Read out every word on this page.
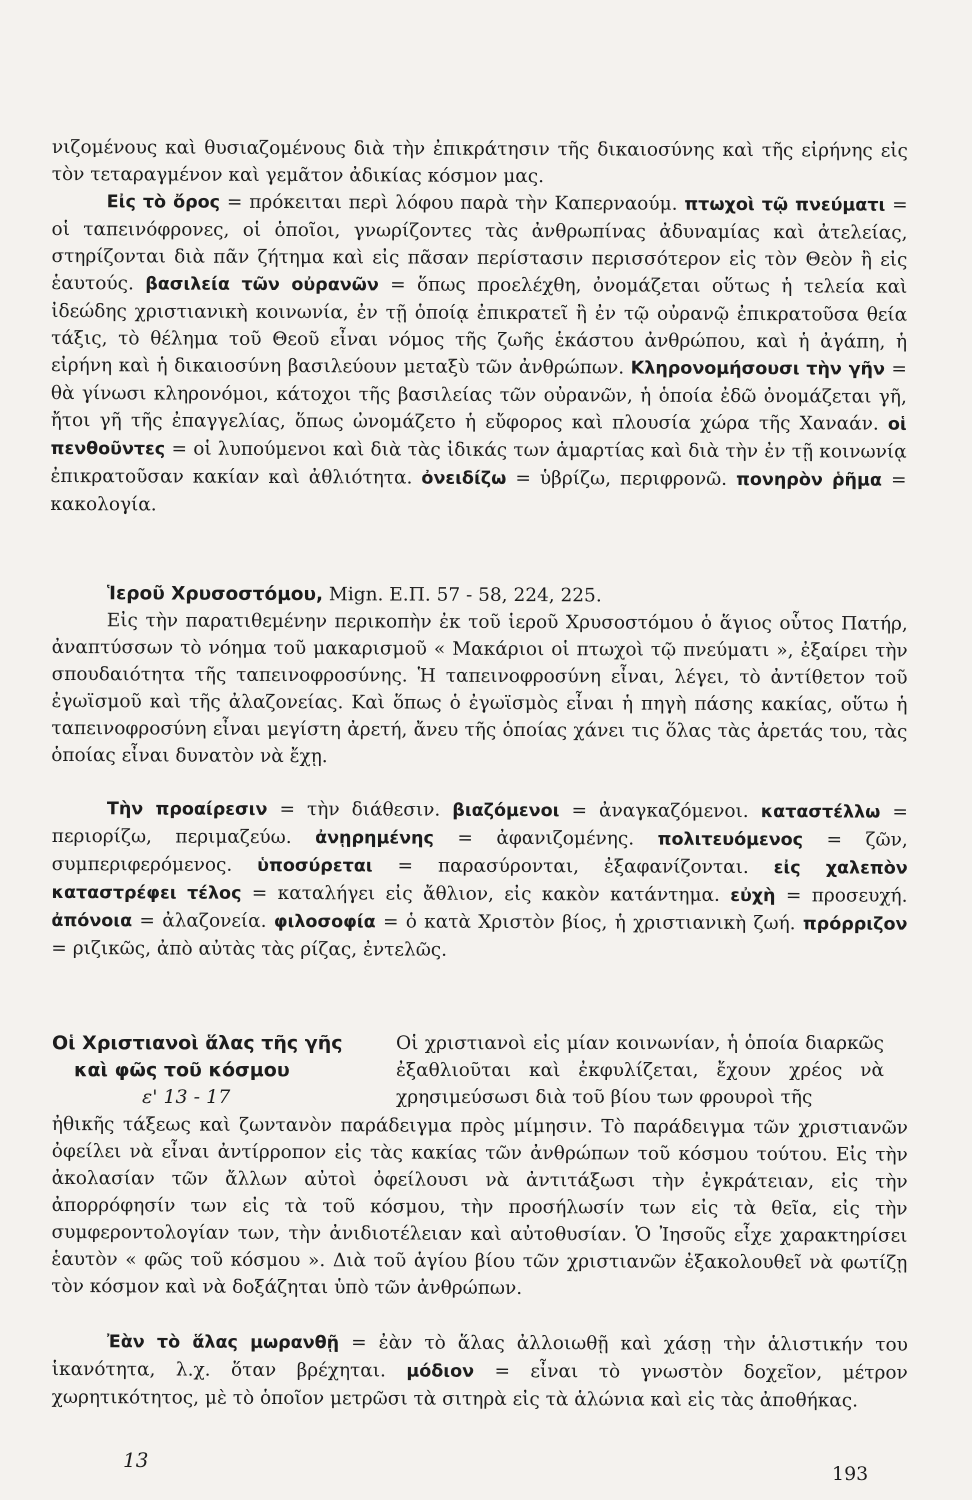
νιζομένους καὶ θυσιαζομένους διὰ τὴν ἐπικράτησιν τῆς δικαιοσύνης καὶ τῆς εἰρήνης εἰς τὸν τεταραγμένον καὶ γεμᾶτον ἀδικίας κόσμον μας.

Εἰς τὸ ὄρος = πρόκειται περὶ λόφου παρὰ τὴν Καπερναούμ. πτωχοὶ τῷ πνεύματι = οἱ ταπεινόφρονες, οἱ ὁποῖοι, γνωρίζοντες τὰς ἀνθρωπίνας ἀδυναμίας καὶ ἀτελείας, στηρίζονται διὰ πᾶν ζήτημα καὶ εἰς πᾶσαν περίστασιν περισσότερον εἰς τὸν Θεὸν ἢ εἰς ἑαυτούς. βασιλεία τῶν οὐρανῶν = ὅπως προελέχθη, ὀνομάζεται οὕτως ἡ τελεία καὶ ἰδεώδης χριστιανικὴ κοινωνία, ἐν τῇ ὁποίᾳ ἐπικρατεῖ ἢ ἐν τῷ οὐρανῷ ἐπικρατοῦσα θεία τάξις, τὸ θέλημα τοῦ Θεοῦ εἶναι νόμος τῆς ζωῆς ἑκάστου ἀνθρώπου, καὶ ἡ ἀγάπη, ἡ εἰρήνη καὶ ἡ δικαιοσύνη βασιλεύουν μεταξὺ τῶν ἀνθρώπων. Κληρονομήσουσι τὴν γῆν = θὰ γίνωσι κληρονόμοι, κάτοχοι τῆς βασιλείας τῶν οὐρανῶν, ἡ ὁποία ἐδῶ ὀνομάζεται γῆ, ἤτοι γῆ τῆς ἐπαγγελίας, ὅπως ὠνομάζετο ἡ εὔφορος καὶ πλουσία χώρα τῆς Χαναάν. οἱ πενθοῦντες = οἱ λυπούμενοι καὶ διὰ τὰς ἰδικάς των ἁμαρτίας καὶ διὰ τὴν ἐν τῇ κοινωνίᾳ ἐπικρατοῦσαν κακίαν καὶ ἀθλιότητα. ὀνειδίζω = ὑβρίζω, περιφρονῶ. πονηρὸν ῥῆμα = κακολογία.

Ἱεροῦ Χρυσοστόμου, Mign. E.Π. 57 - 58, 224, 225.

Εἰς τὴν παρατιθεμένην περικοπὴν ἐκ τοῦ ἱεροῦ Χρυσοστόμου ὁ ἅγιος οὗτος Πατήρ, ἀναπτύσσων τὸ νόημα τοῦ μακαρισμοῦ « Μακάριοι οἱ πτωχοὶ τῷ πνεύματι », ἐξαίρει τὴν σπουδαιότητα τῆς ταπεινοφροσύνης. Ἡ ταπεινοφροσύνη εἶναι, λέγει, τὸ ἀντίθετον τοῦ ἐγωϊσμοῦ καὶ τῆς ἀλαζονείας. Καὶ ὅπως ὁ ἐγωϊσμὸς εἶναι ἡ πηγὴ πάσης κακίας, οὕτω ἡ ταπεινοφροσύνη εἶναι μεγίστη ἀρετή, ἄνευ τῆς ὁποίας χάνει τις ὅλας τὰς ἀρετάς του, τὰς ὁποίας εἶναι δυνατὸν νὰ ἔχῃ.

Τὴν προαίρεσιν = τὴν διάθεσιν. βιαζόμενοι = ἀναγκαζόμενοι. καταστέλλω = περιορίζω, περιμαζεύω. ἀνῃρημένης = ἀφανιζομένης. πολιτευόμενος = ζῶν, συμπεριφερόμενος. ὑποσύρεται = παρασύρονται, ἐξαφανίζονται. εἰς χαλεπὸν καταστρέφει τέλος = καταλήγει εἰς ἄθλιον, εἰς κακὸν κατάντημα. εὐχὴ = προσευχή. ἀπόνοια = ἀλαζονεία. φιλοσοφία = ὁ κατὰ Χριστὸν βίος, ἡ χριστιανικὴ ζωή. πρόρριζον = ριζικῶς, ἀπὸ αὐτὰς τὰς ρίζας, ἐντελῶς.

Οἱ Χριστιανοὶ ἅλας τῆς γῆς
καὶ φῶς τοῦ κόσμου
ε' 13 - 17
Οἱ χριστιανοὶ εἰς μίαν κοινωνίαν, ἡ ὁποία διαρκῶς ἐξαθλιοῦται καὶ ἐκφυλίζεται, ἔχουν χρέος νὰ χρησιμεύσωσι διὰ τοῦ βίου των φρουροὶ τῆς

ἠθικῆς τάξεως καὶ ζωντανὸν παράδειγμα πρὸς μίμησιν. Τὸ παράδειγμα τῶν χριστιανῶν ὀφείλει νὰ εἶναι ἀντίρροπον εἰς τὰς κακίας τῶν ἀνθρώπων τοῦ κόσμου τούτου. Εἰς τὴν ἀκολασίαν τῶν ἄλλων αὐτοὶ ὀφείλουσι νὰ ἀντιτάξωσι τὴν ἐγκράτειαν, εἰς τὴν ἀπορρόφησίν των εἰς τὰ τοῦ κόσμου, τὴν προσήλωσίν των εἰς τὰ θεῖα, εἰς τὴν συμφεροντολογίαν των, τὴν ἀνιδιοτέλειαν καὶ αὐτοθυσίαν. Ὁ Ἰησοῦς εἶχε χαρακτηρίσει ἑαυτὸν « φῶς τοῦ κόσμου ». Διὰ τοῦ ἁγίου βίου τῶν χριστιανῶν ἐξακολουθεῖ νὰ φωτίζῃ τὸν κόσμον καὶ νὰ δοξάζηται ὑπὸ τῶν ἀνθρώπων.

Ἐὰν τὸ ἅλας μωρανθῇ = ἐὰν τὸ ἅλας ἀλλοιωθῇ καὶ χάσῃ τὴν ἁλιστικήν του ἱκανότητα, λ.χ. ὅταν βρέχηται. μόδιον = εἶναι τὸ γνωστὸν δοχεῖον, μέτρον χωρητικότητος, μὲ τὸ ὁποῖον μετρῶσι τὰ σιτηρὰ εἰς τὰ ἁλώνια καὶ εἰς τὰς ἀποθήκας.

13
193
